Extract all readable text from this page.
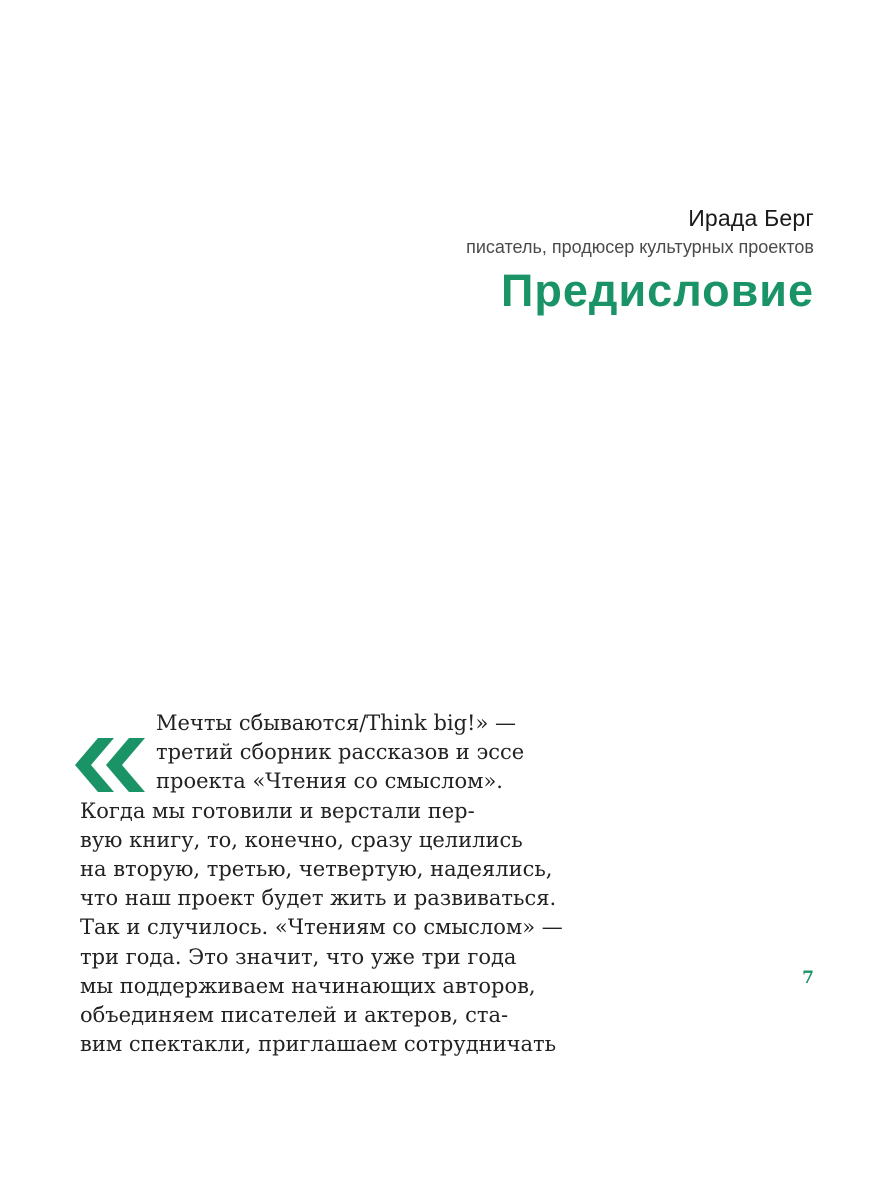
Ирада Берг
писатель, продюсер культурных проектов
Предисловие
Мечты сбываются/Think big!» —
третий сборник рассказов и эссе
проекта «Чтения со смыслом».
Когда мы готовили и верстали пер-
вую книгу, то, конечно, сразу целились
на вторую, третью, четвертую, надеялись,
что наш проект будет жить и развиваться.
Так и случилось. «Чтениям со смыслом» —
три года. Это значит, что уже три года
мы поддерживаем начинающих авторов,
объединяем писателей и актеров, ста-
вим спектакли, приглашаем сотрудничать
7
